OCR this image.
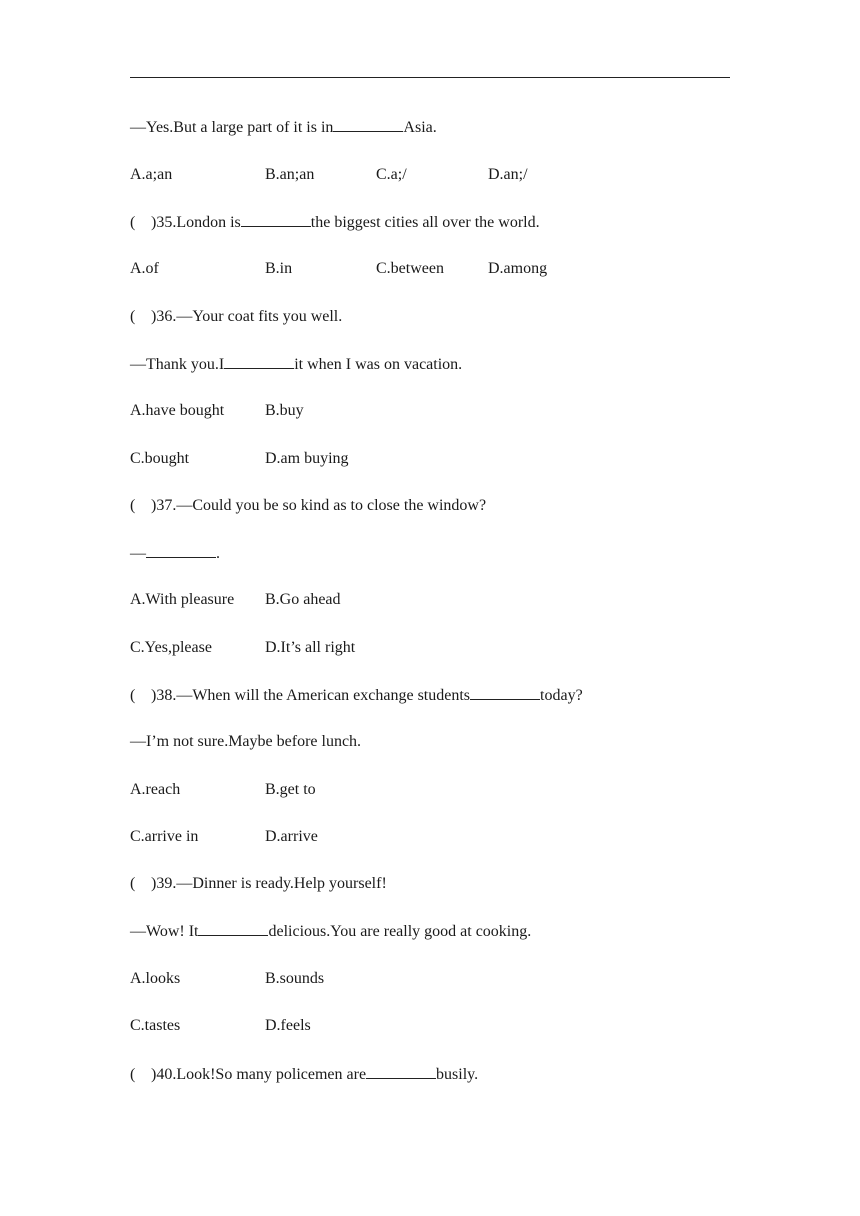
—Yes.But a large part of it is in	Asia.
A.a;an	B.an;an	C.a;/	D.an;/
( )35.London is	the biggest cities all over the world.
A.of	B.in	C.between	D.among
( )36.—Your coat fits you well.
—Thank you.I	it when I was on vacation.
A.have bought	B.buy
C.bought	D.am buying
( )37.—Could you be so kind as to close the window?
—	.
A.With pleasure B.Go ahead
C.Yes,please	D.It’s all right
( )38.—When will the American exchange students	today?
—I’m not sure.Maybe before lunch.
A.reach	B.get to
C.arrive in	D.arrive
( )39.—Dinner is ready.Help yourself!
—Wow! It	delicious.You are really good at cooking.
A.looks	B.sounds
C.tastes	D.feels
( )40.Look!So many policemen are	busily.
